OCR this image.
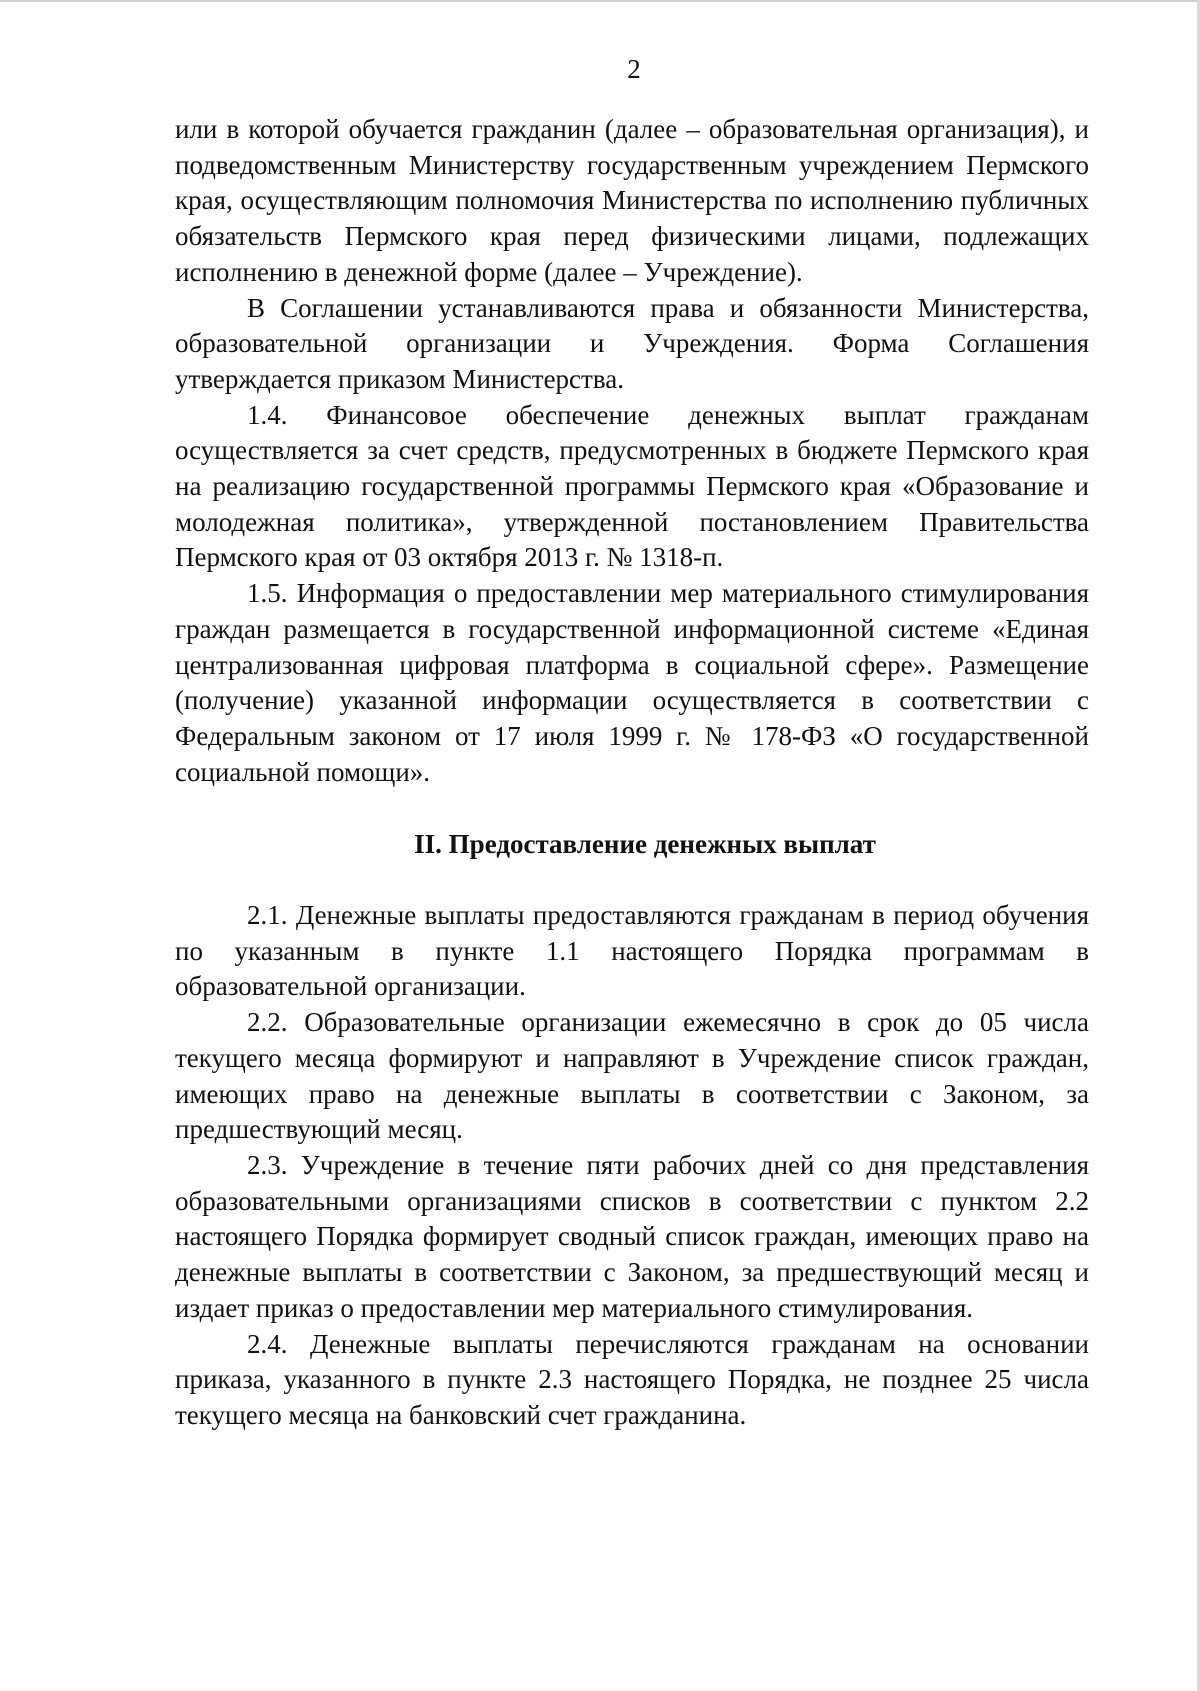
2

или в которой обучается гражданин (далее – образовательная организация), и подведомственным Министерству государственным учреждением Пермского края, осуществляющим полномочия Министерства по исполнению публичных обязательств Пермского края перед физическими лицами, подлежащих исполнению в денежной форме (далее – Учреждение).

В Соглашении устанавливаются права и обязанности Министерства, образовательной организации и Учреждения. Форма Соглашения утверждается приказом Министерства.

1.4. Финансовое обеспечение денежных выплат гражданам осуществляется за счет средств, предусмотренных в бюджете Пермского края на реализацию государственной программы Пермского края «Образование и молодежная политика», утвержденной постановлением Правительства Пермского края от 03 октября 2013 г. № 1318-п.

1.5. Информация о предоставлении мер материального стимулирования граждан размещается в государственной информационной системе «Единая централизованная цифровая платформа в социальной сфере». Размещение (получение) указанной информации осуществляется в соответствии с Федеральным законом от 17 июля 1999 г. № 178-ФЗ «О государственной социальной помощи».

II. Предоставление денежных выплат

2.1. Денежные выплаты предоставляются гражданам в период обучения по указанным в пункте 1.1 настоящего Порядка программам в образовательной организации.

2.2. Образовательные организации ежемесячно в срок до 05 числа текущего месяца формируют и направляют в Учреждение список граждан, имеющих право на денежные выплаты в соответствии с Законом, за предшествующий месяц.

2.3. Учреждение в течение пяти рабочих дней со дня представления образовательными организациями списков в соответствии с пунктом 2.2 настоящего Порядка формирует сводный список граждан, имеющих право на денежные выплаты в соответствии с Законом, за предшествующий месяц и издает приказ о предоставлении мер материального стимулирования.

2.4. Денежные выплаты перечисляются гражданам на основании приказа, указанного в пункте 2.3 настоящего Порядка, не позднее 25 числа текущего месяца на банковский счет гражданина.
